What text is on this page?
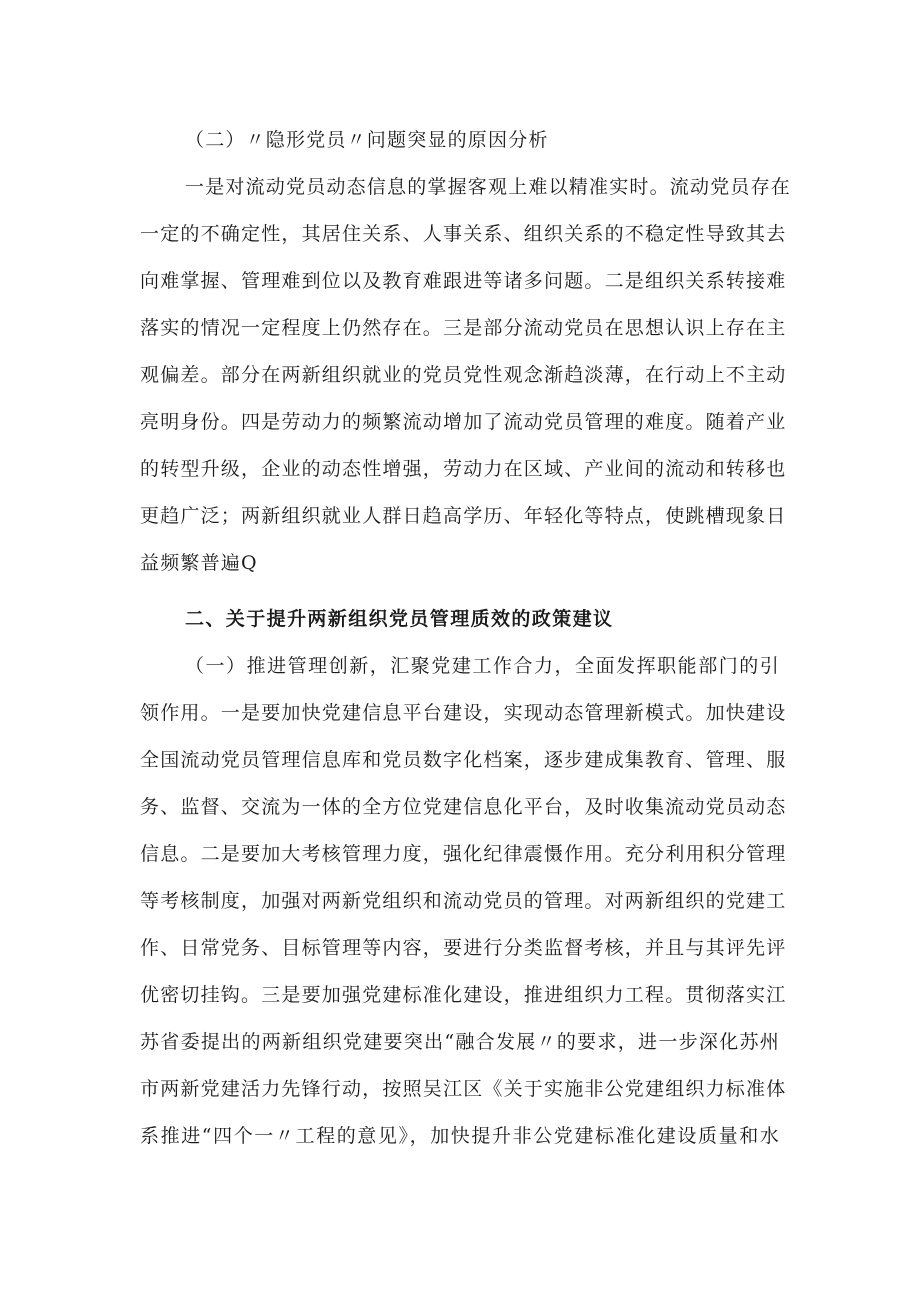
（二）〃隐形党员〃问题突显的原因分析
一是对流动党员动态信息的掌握客观上难以精准实时。流动党员存在
一定的不确定性，其居住关系、人事关系、组织关系的不稳定性导致其去
向难掌握、管理难到位以及教育难跟进等诸多问题。二是组织关系转接难
落实的情况一定程度上仍然存在。三是部分流动党员在思想认识上存在主
观偏差。部分在两新组织就业的党员党性观念渐趋淡薄，在行动上不主动
亮明身份。四是劳动力的频繁流动增加了流动党员管理的难度。随着产业
的转型升级，企业的动态性增强，劳动力在区域、产业间的流动和转移也
更趋广泛；两新组织就业人群日趋高学历、年轻化等特点，使跳槽现象日
益频繁普遍Q
二、关于提升两新组织党员管理质效的政策建议
（一）推进管理创新，汇聚党建工作合力，全面发挥职能部门的引
领作用。一是要加快党建信息平台建设，实现动态管理新模式。加快建设
全国流动党员管理信息库和党员数字化档案，逐步建成集教育、管理、服
务、监督、交流为一体的全方位党建信息化平台，及时收集流动党员动态
信息。二是要加大考核管理力度，强化纪律震慑作用。充分利用积分管理
等考核制度，加强对两新党组织和流动党员的管理。对两新组织的党建工
作、日常党务、目标管理等内容，要进行分类监督考核，并且与其评先评
优密切挂钩。三是要加强党建标准化建设，推进组织力工程。贯彻落实江
苏省委提出的两新组织党建要突出“融合发展〃的要求，进一步深化苏州
市两新党建活力先锋行动，按照吴江区《关于实施非公党建组织力标准体
系推进“四个一〃工程的意见》，加快提升非公党建标准化建设质量和水
